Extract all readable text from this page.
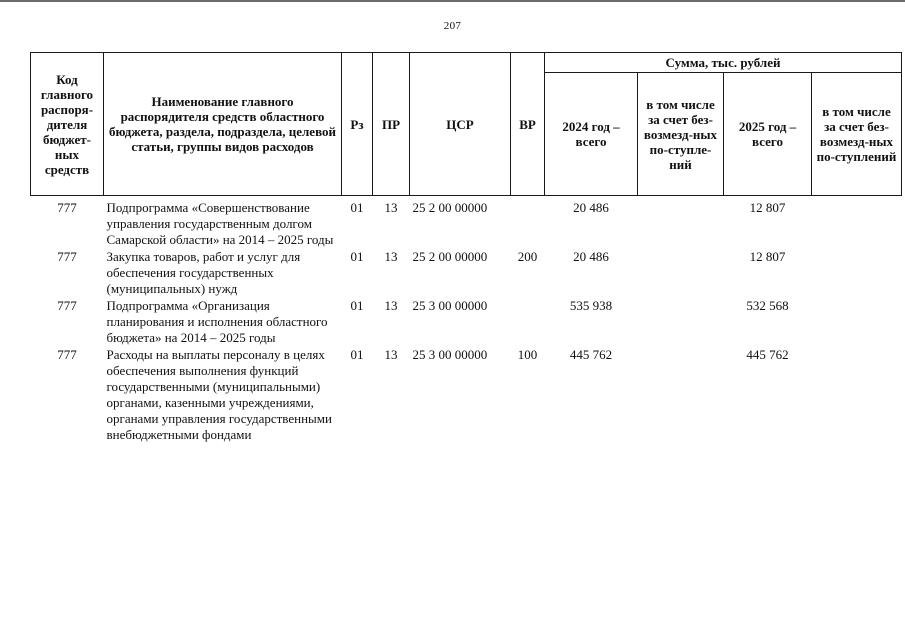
207
Код главного распоря-дителя бюджет-ных средств	Наименование главного распорядителя средств областного бюджета, раздела, подраздела, целевой статьи, группы видов расходов	Рз	ПР	ЦСР	ВР	Сумма, тыс. рублей			
						2024 год – всего	в том числе за счет без-возмезд-ных по-ступле-ний	2025 год – всего	в том числе за счет без-возмезд-ных по-ступлений

777	Подпрограмма «Совершенствование управления государственным долгом Самарской области» на 2014 – 2025 годы	01	13	25 2 00 00000		20 486		12 807	
777	Закупка товаров, работ и услуг для обеспечения государственных (муниципальных) нужд	01	13	25 2 00 00000	200	20 486		12 807	
777	Подпрограмма «Организация планирования и исполнения областного бюджета» на 2014 – 2025 годы	01	13	25 3 00 00000		535 938		532 568	
777	Расходы на выплаты персоналу в целях обеспечения выполнения функций государственными (муниципальными) органами, казенными учреждениями, органами управления государственными внебюджетными фондами	01	13	25 3 00 00000	100	445 762		445 762	
